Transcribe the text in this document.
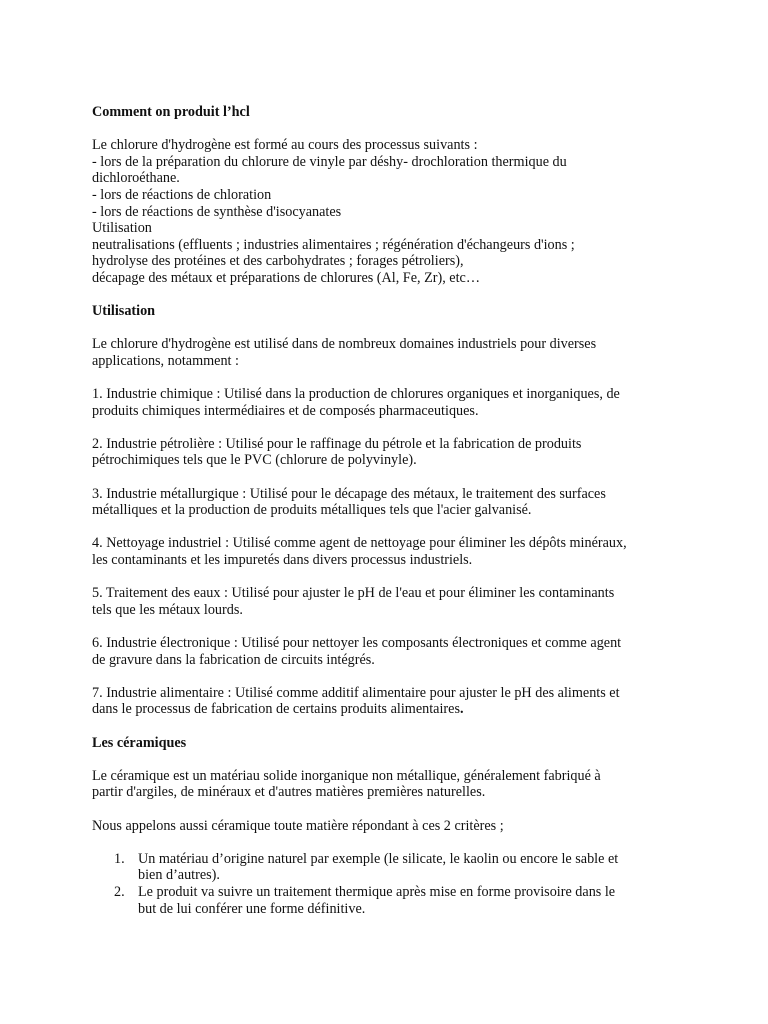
Comment on produit l’hcl

Le chlorure d'hydrogène est formé au cours des processus suivants :
- lors de la préparation du chlorure de vinyle par déshy- drochloration thermique du
dichloroéthane.
- lors de réactions de chloration
- lors de réactions de synthèse d'isocyanates
Utilisation
neutralisations (effluents ; industries alimentaires ; régénération d'échangeurs d'ions ;
hydrolyse des protéines et des carbohydrates ; forages pétroliers),
décapage des métaux et préparations de chlorures (Al, Fe, Zr), etc…

Utilisation

Le chlorure d'hydrogène est utilisé dans de nombreux domaines industriels pour diverses
applications, notamment :

1. Industrie chimique : Utilisé dans la production de chlorures organiques et inorganiques, de
produits chimiques intermédiaires et de composés pharmaceutiques.

2. Industrie pétrolière : Utilisé pour le raffinage du pétrole et la fabrication de produits
pétrochimiques tels que le PVC (chlorure de polyvinyle).

3. Industrie métallurgique : Utilisé pour le décapage des métaux, le traitement des surfaces
métalliques et la production de produits métalliques tels que l'acier galvanisé.

4. Nettoyage industriel : Utilisé comme agent de nettoyage pour éliminer les dépôts minéraux,
les contaminants et les impuretés dans divers processus industriels.

5. Traitement des eaux : Utilisé pour ajuster le pH de l'eau et pour éliminer les contaminants
tels que les métaux lourds.

6. Industrie électronique : Utilisé pour nettoyer les composants électroniques et comme agent
de gravure dans la fabrication de circuits intégrés.

7. Industrie alimentaire : Utilisé comme additif alimentaire pour ajuster le pH des aliments et
dans le processus de fabrication de certains produits alimentaires.

Les céramiques

Le céramique est un matériau solide inorganique non métallique, généralement fabriqué à
partir d'argiles, de minéraux et d'autres matières premières naturelles.

Nous appelons aussi céramique toute matière répondant à ces 2 critères ;

1. Un matériau d’origine naturel par exemple (le silicate, le kaolin ou encore le sable et
bien d’autres).
2. Le produit va suivre un traitement thermique après mise en forme provisoire dans le
but de lui conférer une forme définitive.
